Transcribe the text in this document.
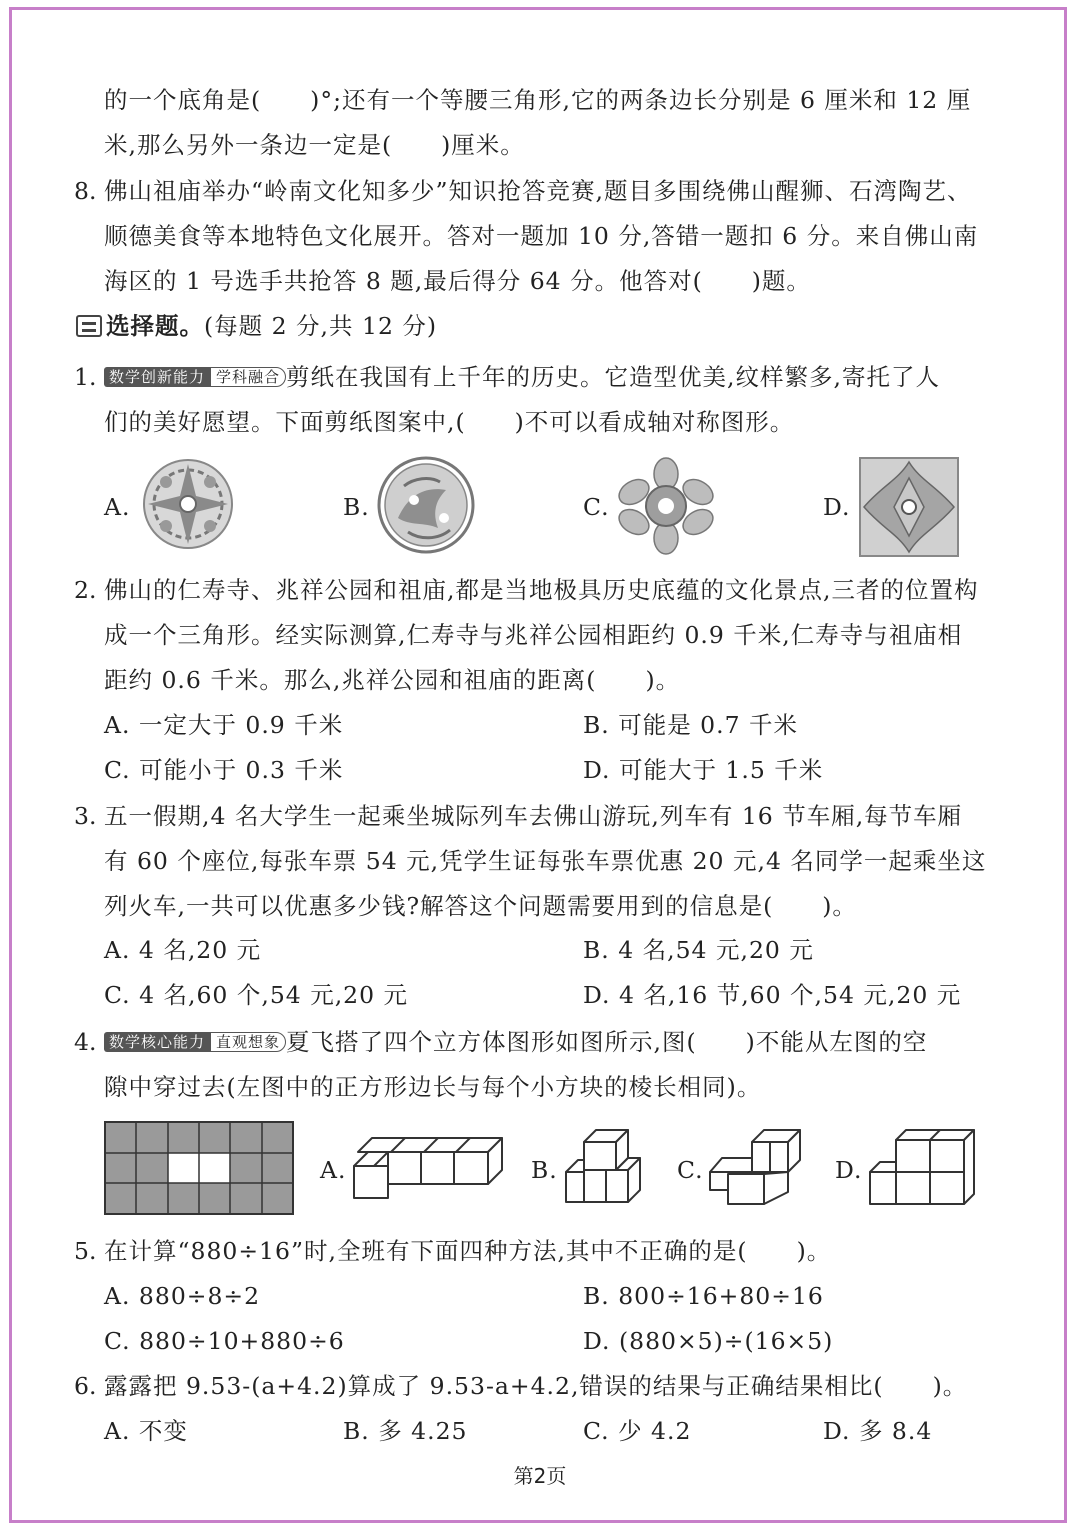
的一个底角是(　　)°;还有一个等腰三角形,它的两条边长分别是 6 厘米和 12 厘
米,那么另外一条边一定是(　　)厘米。
8. 佛山祖庙举办“岭南文化知多少”知识抢答竞赛,题目多围绕佛山醒狮、石湾陶艺、
顺德美食等本地特色文化展开。答对一题加 10 分,答错一题扣 6 分。来自佛山南
海区的 1 号选手共抢答 8 题,最后得分 64 分。他答对(　　)题。
选择题。(每题 2 分,共 12 分)
1. 数学创新能力 学科融合 剪纸在我国有上千年的历史。它造型优美,纹样繁多,寄托了人
们的美好愿望。下面剪纸图案中,(　　)不可以看成轴对称图形。
A.	B.	C.	D.
2. 佛山的仁寿寺、兆祥公园和祖庙,都是当地极具历史底蕴的文化景点,三者的位置构
成一个三角形。经实际测算,仁寿寺与兆祥公园相距约 0.9 千米,仁寿寺与祖庙相
距约 0.6 千米。那么,兆祥公园和祖庙的距离(　　)。
A. 一定大于 0.9 千米	B. 可能是 0.7 千米
C. 可能小于 0.3 千米	D. 可能大于 1.5 千米
3. 五一假期,4 名大学生一起乘坐城际列车去佛山游玩,列车有 16 节车厢,每节车厢
有 60 个座位,每张车票 54 元,凭学生证每张车票优惠 20 元,4 名同学一起乘坐这
列火车,一共可以优惠多少钱?解答这个问题需要用到的信息是(　　)。
A. 4 名,20 元	B. 4 名,54 元,20 元
C. 4 名,60 个,54 元,20 元	D. 4 名,16 节,60 个,54 元,20 元
4. 数学核心能力 直观想象 夏飞搭了四个立方体图形如图所示,图(　　)不能从左图的空
隙中穿过去(左图中的正方形边长与每个小方块的棱长相同)。
A.	B.	C.	D.
5. 在计算“880÷16”时,全班有下面四种方法,其中不正确的是(　　)。
A. 880÷8÷2	B. 800÷16+80÷16
C. 880÷10+880÷6	D. (880×5)÷(16×5)
6. 露露把 9.53-(a+4.2)算成了 9.53-a+4.2,错误的结果与正确结果相比(　　)。
A. 不变	B. 多 4.25	C. 少 4.2	D. 多 8.4
第2页
